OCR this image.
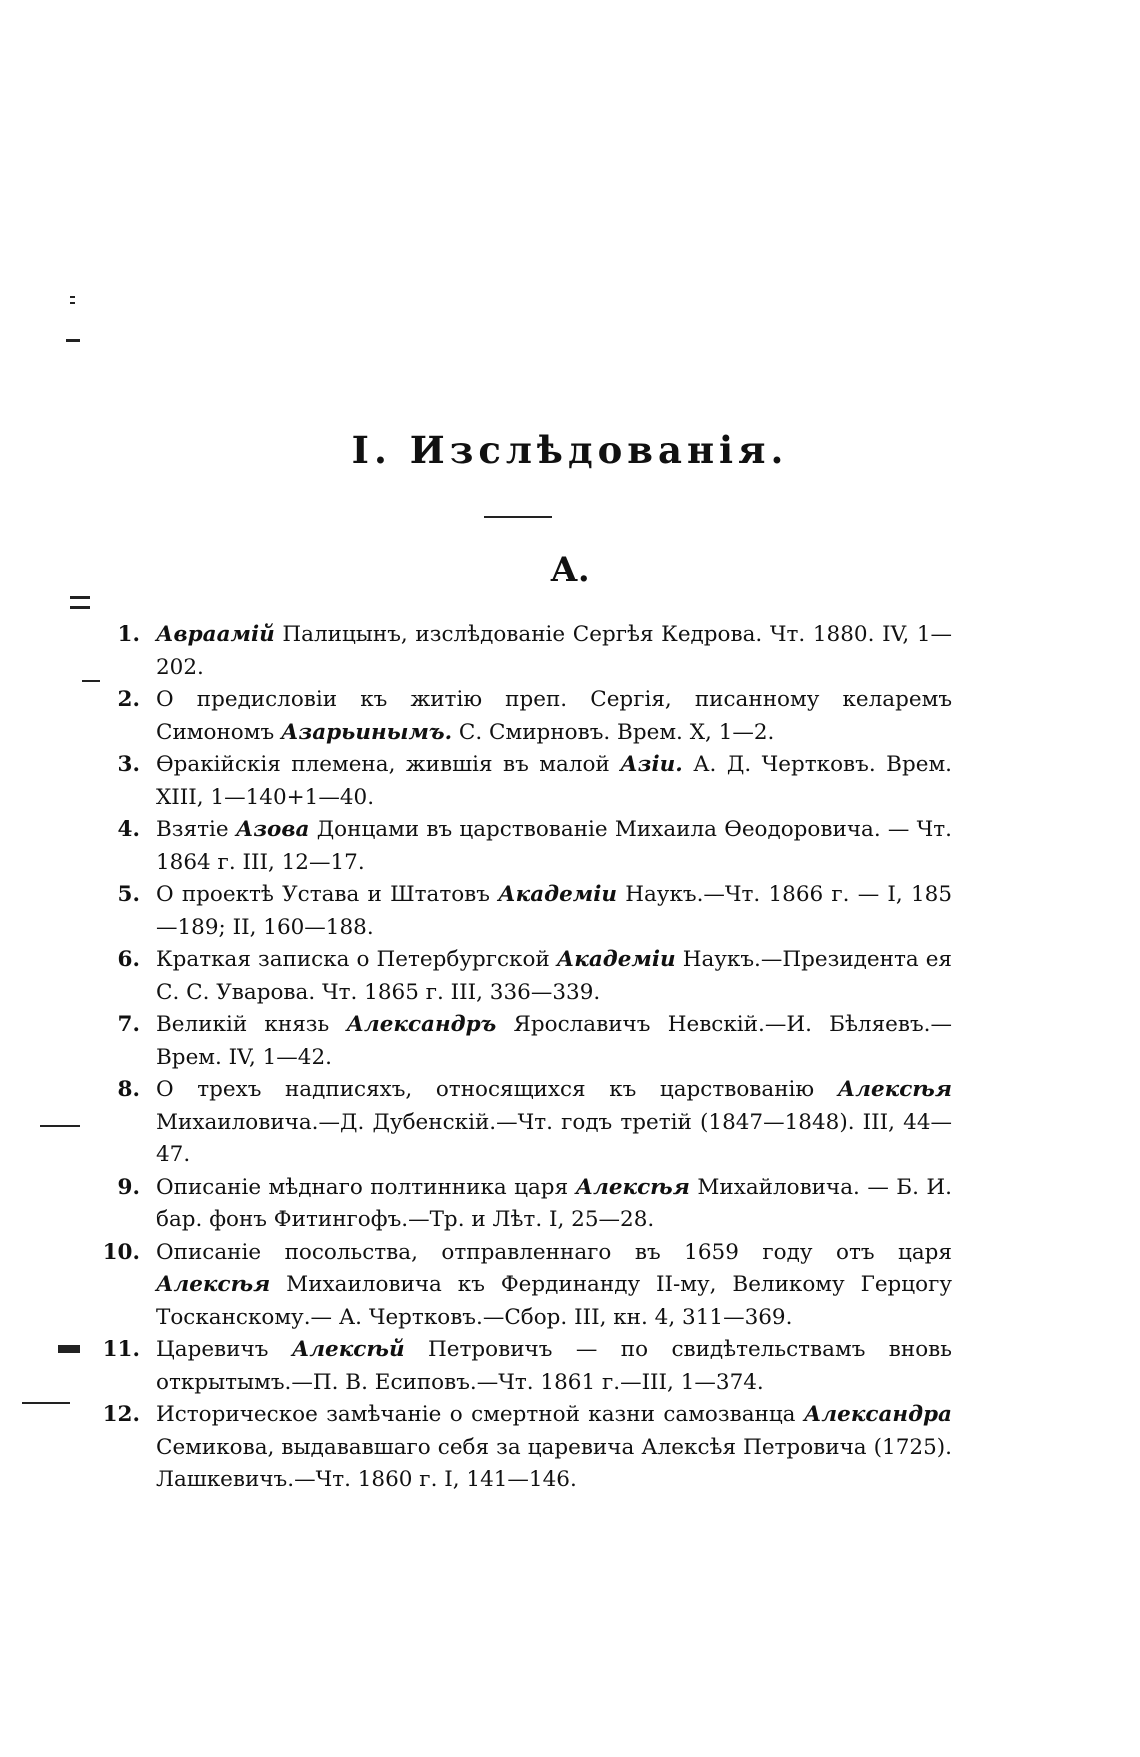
I. Изслѣдованія.
А.
1. Авраамій Палицынъ, изслѣдованіе Сергѣя Кедрова. Чт. 1880. IV, 1—202.
2. О предисловіи къ житію преп. Сергія, писанному келаремъ Симономъ Азарьинымъ. С. Смирновъ. Врем. X, 1—2.
3. Ѳракійскія племена, жившія въ малой Азіи. А. Д. Чертковъ. Врем. XIII, 1—140+1—40.
4. Взятіе Азова Донцами въ царствованіе Михаила Ѳеодоровича. — Чт. 1864 г. III, 12—17.
5. О проектѣ Устава и Штатовъ Академіи Наукъ.—Чт. 1866 г. — I, 185—189; II, 160—188.
6. Краткая записка о Петербургской Академіи Наукъ.—Президента ея С. С. Уварова. Чт. 1865 г. III, 336—339.
7. Великій князь Александръ Ярославичъ Невскій.—И. Бѣляевъ.—Врем. IV, 1—42.
8. О трехъ надписяхъ, относящихся къ царствованію Алексѣя Михаиловича.—Д. Дубенскій.—Чт. годъ третій (1847—1848). III, 44—47.
9. Описаніе мѣднаго полтинника царя Алексѣя Михайловича. — Б. И. бар. фонъ Фитингофъ.—Тр. и Лѣт. I, 25—28.
10. Описаніе посольства, отправленнаго въ 1659 году отъ царя Алексѣя Михаиловича къ Фердинанду II-му, Великому Герцогу Тосканскому.— А. Чертковъ.—Сбор. III, кн. 4, 311—369.
11. Царевичъ Алексѣй Петровичъ — по свидѣтельствамъ вновь открытымъ.—П. В. Есиповъ.—Чт. 1861 г.—III, 1—374.
12. Историческое замѣчаніе о смертной казни самозванца Александра Семикова, выдававшаго себя за царевича Алексѣя Петровича (1725). Лашкевичъ.—Чт. 1860 г. I, 141—146.
